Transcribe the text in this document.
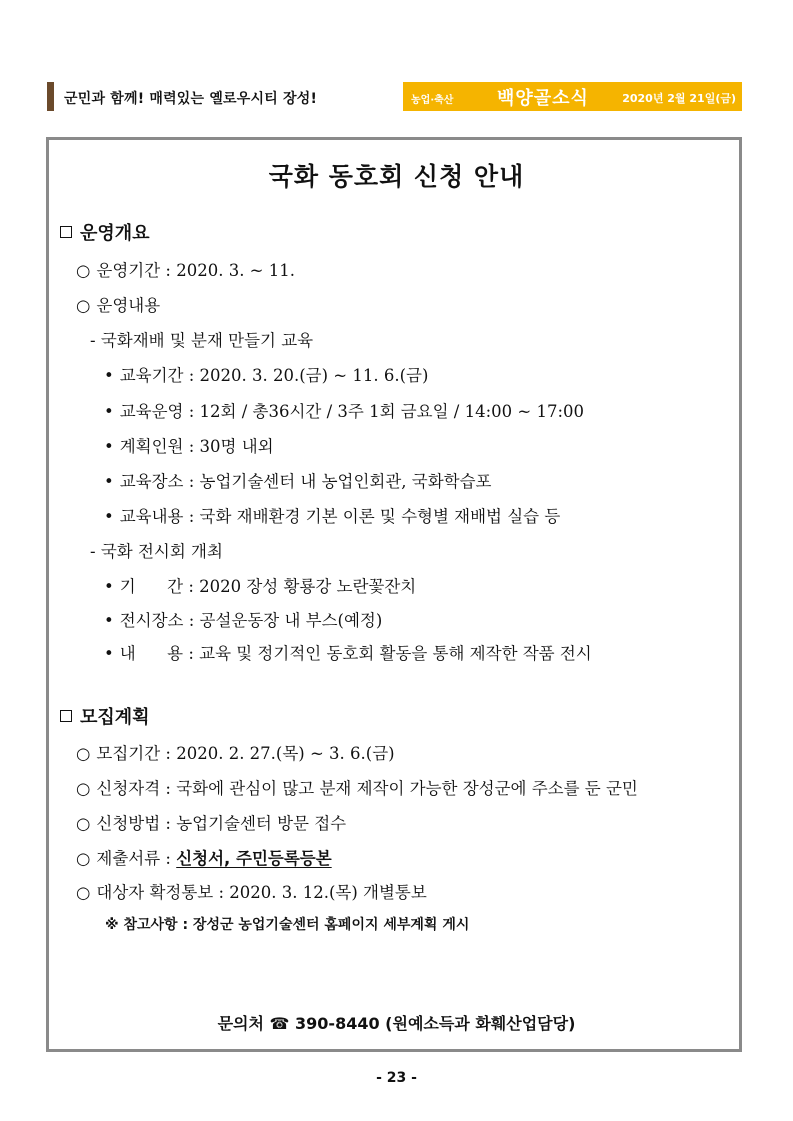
군민과 함께! 매력있는 옐로우시티 장성!	농업·축산 백양골소식	2020년 2월 21일(금)
국화 동호회 신청 안내
운영개요
○ 운영기간 : 2020. 3. ~ 11.
○ 운영내용
- 국화재배 및 분재 만들기 교육
• 교육기간 : 2020. 3. 20.(금) ~ 11. 6.(금)
• 교육운영 : 12회 / 총36시간 / 3주 1회 금요일 / 14:00 ~ 17:00
• 계획인원 : 30명 내외
• 교육장소 : 농업기술센터 내 농업인회관, 국화학습포
• 교육내용 : 국화 재배환경 기본 이론 및 수형별 재배법 실습 등
- 국화 전시회 개최
• 기      간 : 2020 장성 황룡강 노란꽃잔치
• 전시장소 : 공설운동장 내 부스(예정)
• 내      용 : 교육 및 정기적인 동호회 활동을 통해 제작한 작품 전시
모집계획
○ 모집기간 : 2020. 2. 27.(목) ~ 3. 6.(금)
○ 신청자격 : 국화에 관심이 많고 분재 제작이 가능한 장성군에 주소를 둔 군민
○ 신청방법 : 농업기술센터 방문 접수
○ 제출서류 : 신청서, 주민등록등본
○ 대상자 확정통보 : 2020. 3. 12.(목) 개별통보
※ 참고사항 : 장성군 농업기술센터 홈페이지 세부계획 게시
문의처 ☎ 390-8440 (원예소득과 화훼산업담당)
- 23 -
